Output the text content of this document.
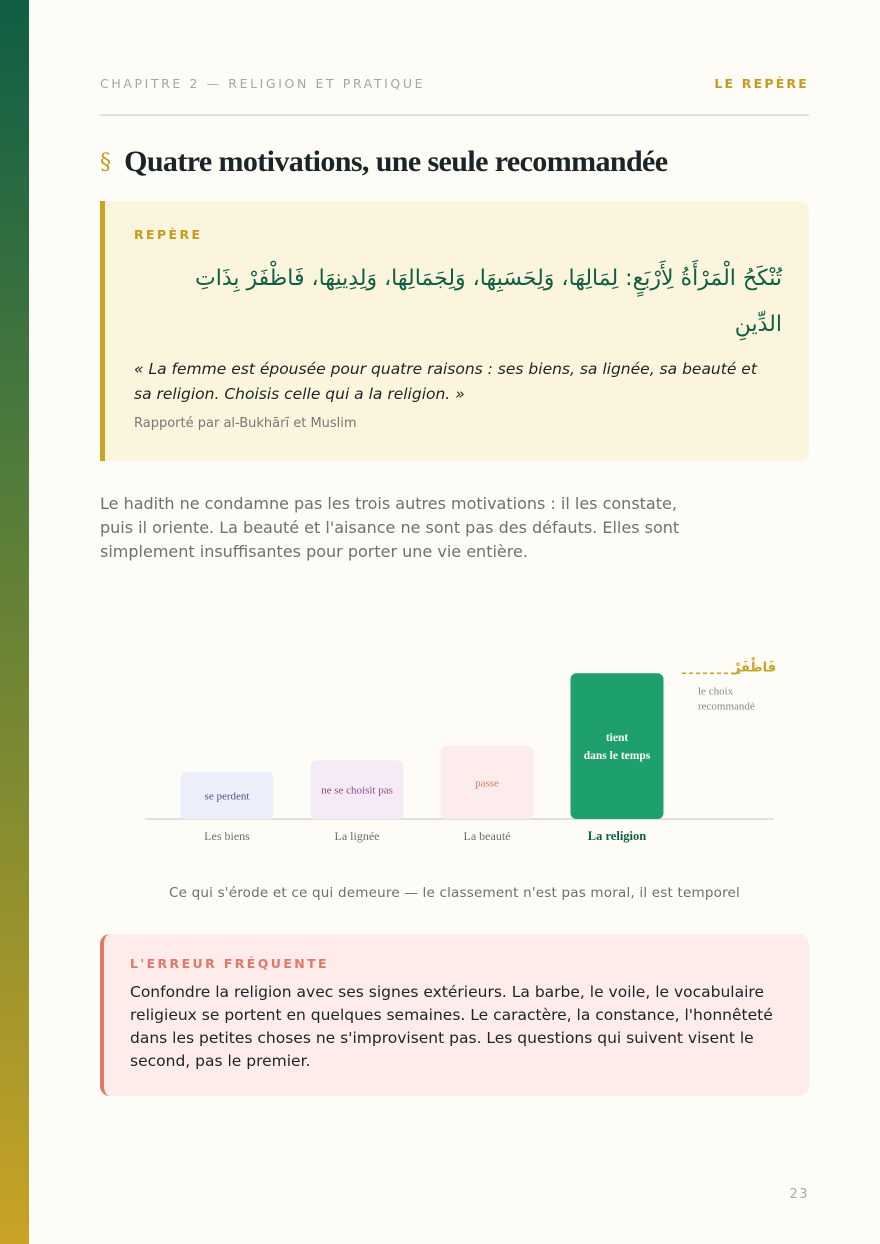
CHAPITRE 2 — RELIGION ET PRATIQUE	LE REPÈRE
§ Quatre motivations, une seule recommandée
REPÈRE
تُنْكَحُ الْمَرْأَةُ لِأَرْبَعٍ: لِمَالِهَا، وَلِحَسَبِهَا، وَلِجَمَالِهَا، وَلِدِينِهَا، فَاظْفَرْ بِذَاتِ الدِّينِ
« La femme est épousée pour quatre raisons : ses biens, sa lignée, sa beauté et sa religion. Choisis celle qui a la religion. »
Rapporté par al-Bukhārī et Muslim
Le hadith ne condamne pas les trois autres motivations : il les constate, puis il oriente. La beauté et l'aisance ne sont pas des défauts. Elles sont simplement insuffisantes pour porter une vie entière.
se perdent
Les biens
ne se choisit pas
La lignée
passe
La beauté
tient
dans le temps
La religion
فَاظْفَرْ
le choix
recommandé
Ce qui s'érode et ce qui demeure — le classement n'est pas moral, il est temporel
L'ERREUR FRÉQUENTE
Confondre la religion avec ses signes extérieurs. La barbe, le voile, le vocabulaire religieux se portent en quelques semaines. Le caractère, la constance, l'honnêteté dans les petites choses ne s'improvisent pas. Les questions qui suivent visent le second, pas le premier.
23
